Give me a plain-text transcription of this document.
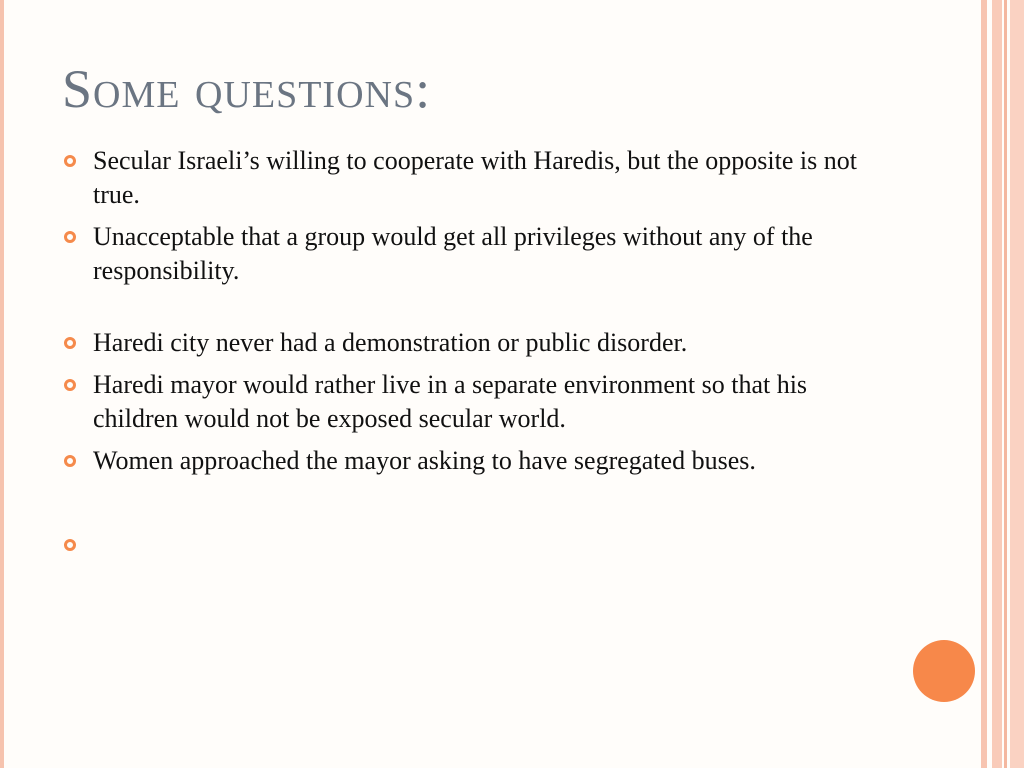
Some questions:
Secular Israeli’s willing to cooperate with Haredis, but the opposite is not true.
Unacceptable that a group would get all privileges without any of the responsibility.
Haredi city never had a demonstration or public disorder.
Haredi mayor would rather live in a separate environment so that his children would not be exposed secular world.
Women approached the mayor asking to have segregated buses.
